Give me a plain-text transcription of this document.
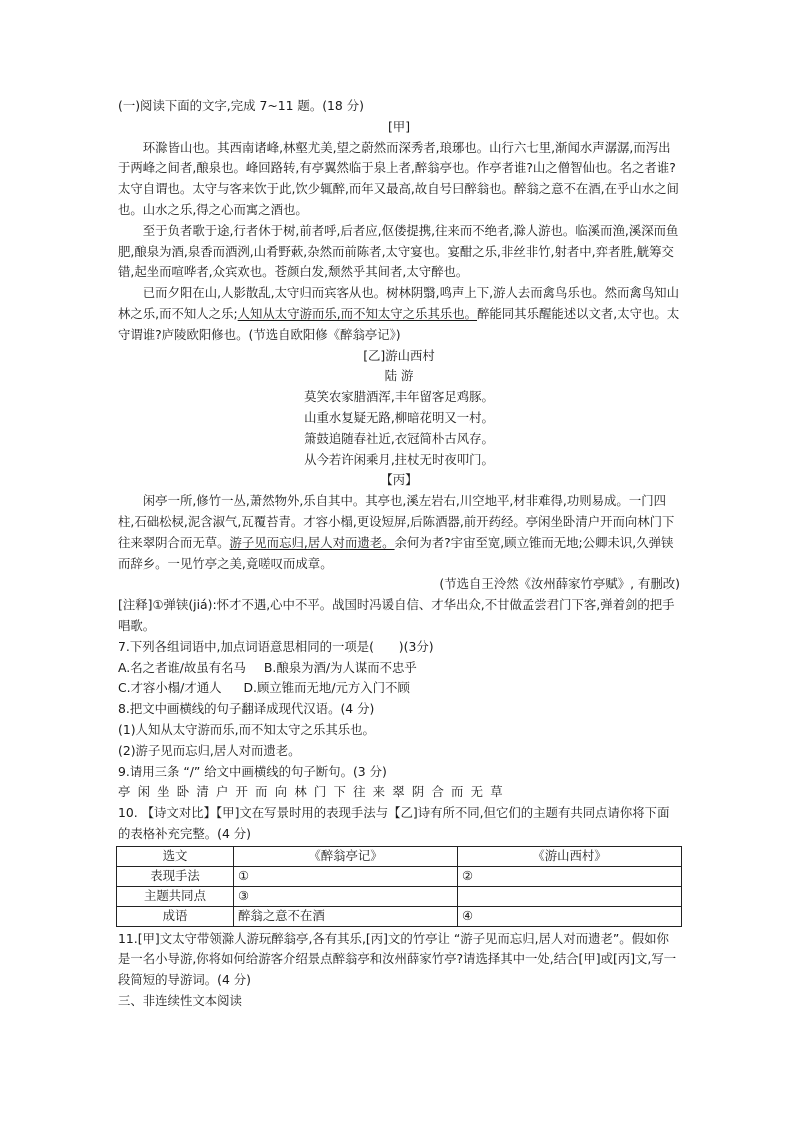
(一)阅读下面的文字,完成 7~11 题。(18 分)

[甲]

环滁皆山也。其西南诸峰,林壑尤美,望之蔚然而深秀者,琅琊也。山行六七里,渐闻水声潺潺,而泻出于两峰之间者,酿泉也。峰回路转,有亭翼然临于泉上者,醉翁亭也。作亭者谁?山之僧智仙也。名之者谁?太守自谓也。太守与客来饮于此,饮少辄醉,而年又最高,故自号曰醉翁也。醉翁之意不在酒,在乎山水之间也。山水之乐,得之心而寓之酒也。

至于负者歌于途,行者休于树,前者呼,后者应,伛偻提携,往来而不绝者,滁人游也。临溪而渔,溪深而鱼肥,酿泉为酒,泉香而酒洌,山肴野蔌,杂然而前陈者,太守宴也。宴酣之乐,非丝非竹,射者中,弈者胜,觥筹交错,起坐而喧哗者,众宾欢也。苍颜白发,颓然乎其间者,太守醉也。

已而夕阳在山,人影散乱,太守归而宾客从也。树林阴翳,鸣声上下,游人去而禽鸟乐也。然而禽鸟知山林之乐,而不知人之乐;人知从太守游而乐,而不知太守之乐其乐也。醉能同其乐醒能述以文者,太守也。太守谓谁?庐陵欧阳修也。(节选自欧阳修《醉翁亭记》)

[乙]游山西村

陆 游

莫笑农家腊酒浑,丰年留客足鸡豚。

山重水复疑无路,柳暗花明又一村。

箫鼓追随春社近,衣冠简朴古风存。

从今若许闲乘月,拄杖无时夜叩门。

【丙】

闲亭一所,修竹一丛,萧然物外,乐自其中。其亭也,溪左岩右,川空地平,材非难得,功则易成。一门四柱,石础松棂,泥含淑气,瓦覆苔青。才容小榻,更设短屏,后陈酒器,前开药经。亭闲坐卧清户开而向林门下往来翠阴合而无草。游子见而忘归,居人对而遗老。余何为者?宇宙至宽,顾立锥而无地;公卿未识,久弹铗而辞乡。一见竹亭之美,竟嗟叹而成章。

(节选自王泠然《汝州薛家竹亭赋》, 有删改)

[注释]①弹铗(jiá):怀才不遇,心中不平。战国时冯谖自信、才华出众,不甘做孟尝君门下客,弹着剑的把手唱歌。

7.下列各组词语中,加点词语意思相同的一项是(　　)(3分)

A.名之者谁/故虽有名马 B.酿泉为酒/为人谋而不忠乎

C.才容小榻/才通人 D.顾立锥而无地/元方入门不顾

8.把文中画横线的句子翻译成现代汉语。(4 分)

(1)人知从太守游而乐,而不知太守之乐其乐也。

(2)游子见而忘归,居人对而遗老。

9.请用三条 “/” 给文中画横线的句子断句。(3 分)

亭闲坐卧清户开而向林门下往来翠阴合而无草

10. 【诗文对比】【甲]文在写景时用的表现手法与【乙]诗有所不同,但它们的主题有共同点请你将下面的表格补充完整。(4 分)

选文	《醉翁亭记》	《游山西村》
表现手法	①	②
主题共同点	③	
成语	醉翁之意不在酒	④

11.[甲]文太守带领滁人游玩醉翁亭,各有其乐,[丙]文的竹亭让 “游子见而忘归,居人对而遗老”。假如你是一名小导游,你将如何给游客介绍景点醉翁亭和汝州薛家竹亭?请选择其中一处,结合[甲]或[丙]文,写一段简短的导游词。(4 分)

三、非连续性文本阅读
